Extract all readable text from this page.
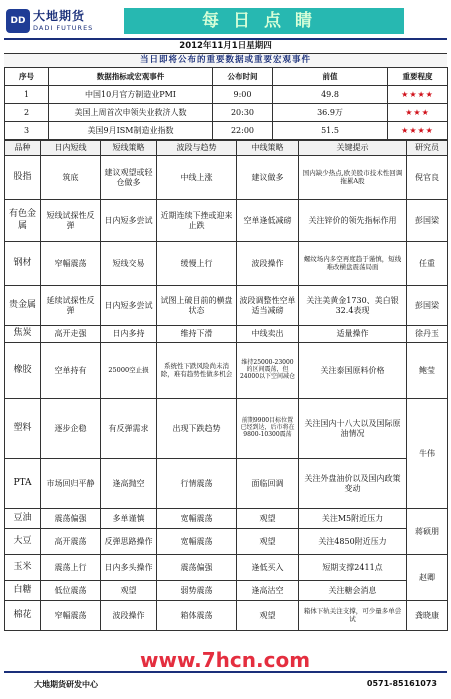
DD 大地期货
DADI FUTURES	每日点睛
2012年11月1日星期四
当日即将公布的重要数据或重要宏观事件
序号	数据指标或宏观事件	公布时间	前值	重要程度
1	中国10月官方制造业PMI	9:00	49.8	★★★★
2	美国上周首次申领失业救济人数	20:30	36.9万	★★★
3	美国9月ISM制造业指数	22:00	51.5	★★★★
品种	日内短线	短线策略	波段与趋势	中线策略	关键提示	研究员
股指	筑底	建议观望或轻仓做多	中线上涨	建议做多	国内缺少热点,欧美股市技术性回调拖累A股	倪官良
有色金属	短线试探性反弹	日内短多尝试	近期连续下挫或迎来止跌	空单逢低减磅	关注锌价的领先指标作用	彭国梁
钢材	窄幅震荡	短线交易	缓慢上行	波段操作	螺纹场内多空再度趋于谨慎，短线难改横盘震荡局面	任重
贵金属	延续试探性反弹	日内短多尝试	试图上破目前的横盘状态	波段调整性空单适当减磅	关注美黄金1730、美白银32.4表现	彭国梁
焦炭	高开走强	日内多持	维持下滑	中线卖出	适量操作	徐丹玉
橡胶	空单持有	25000空止损	系统性下跌风险尚未消除，难有趋势性做多机会	维持25000-23000的区间震荡，但24000以下空间减仓	关注泰国原料价格	鲍莹
塑料	逐步企稳	有反弹需求	出现下跌趋势	前期9900目标位置已经到达，后市将在9800-10300震荡	关注国内十八大以及国际原油情况	牛伟
PTA	市场回归平静	逢高抛空	行情震荡	面临回调	关注外盘油价以及国内政策变动	
豆油	震荡偏强	多单谨慎	宽幅震荡	观望	关注M5附近压力	蒋硕朋
大豆	高开震荡	反弹思路操作	宽幅震荡	观望	关注4850附近压力	
玉米	震荡上行	日内多头操作	震荡偏强	逢低买入	短期支撑2411点	赵卿
白糖	低位震荡	观望	弱势震荡	逢高沽空	关注糖会消息	
棉花	窄幅震荡	波段操作	箱体震荡	观望	箱体下轨关注支撑，可少量多单尝试	龚晓康
大地期货研发中心	0571-85161073
www.7hcn.com
